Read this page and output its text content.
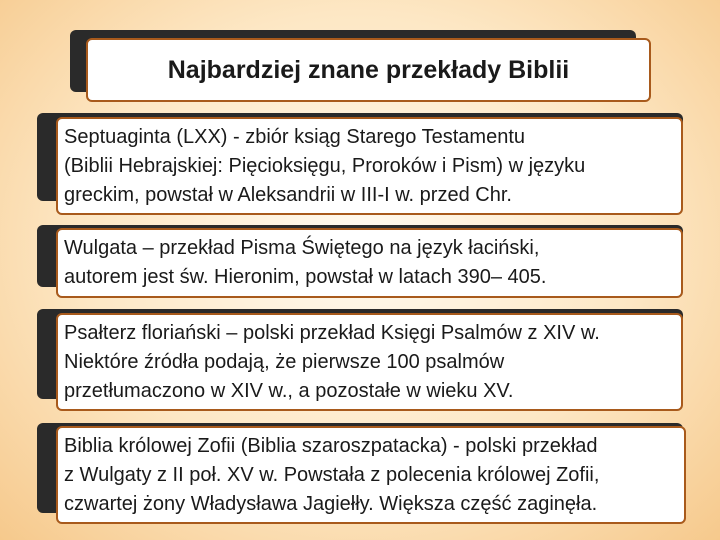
Najbardziej znane przekłady Biblii
Septuaginta (LXX) - zbiór ksiąg Starego Testamentu
(Biblii Hebrajskiej: Pięcioksięgu, Proroków i Pism) w języku
greckim, powstał w Aleksandrii w III-I w. przed Chr.
Wulgata – przekład Pisma Świętego na język łaciński,
autorem jest św. Hieronim, powstał w latach 390– 405.
Psałterz floriański – polski przekład Księgi Psalmów z XIV w.
Niektóre źródła podają, że pierwsze 100 psalmów
przetłumaczono w XIV w., a pozostałe w wieku XV.
Biblia królowej Zofii (Biblia szaroszpatacka) - polski przekład
z Wulgaty z II poł. XV w. Powstała z polecenia królowej Zofii,
czwartej żony Władysława Jagiełły. Większa część zaginęła.
